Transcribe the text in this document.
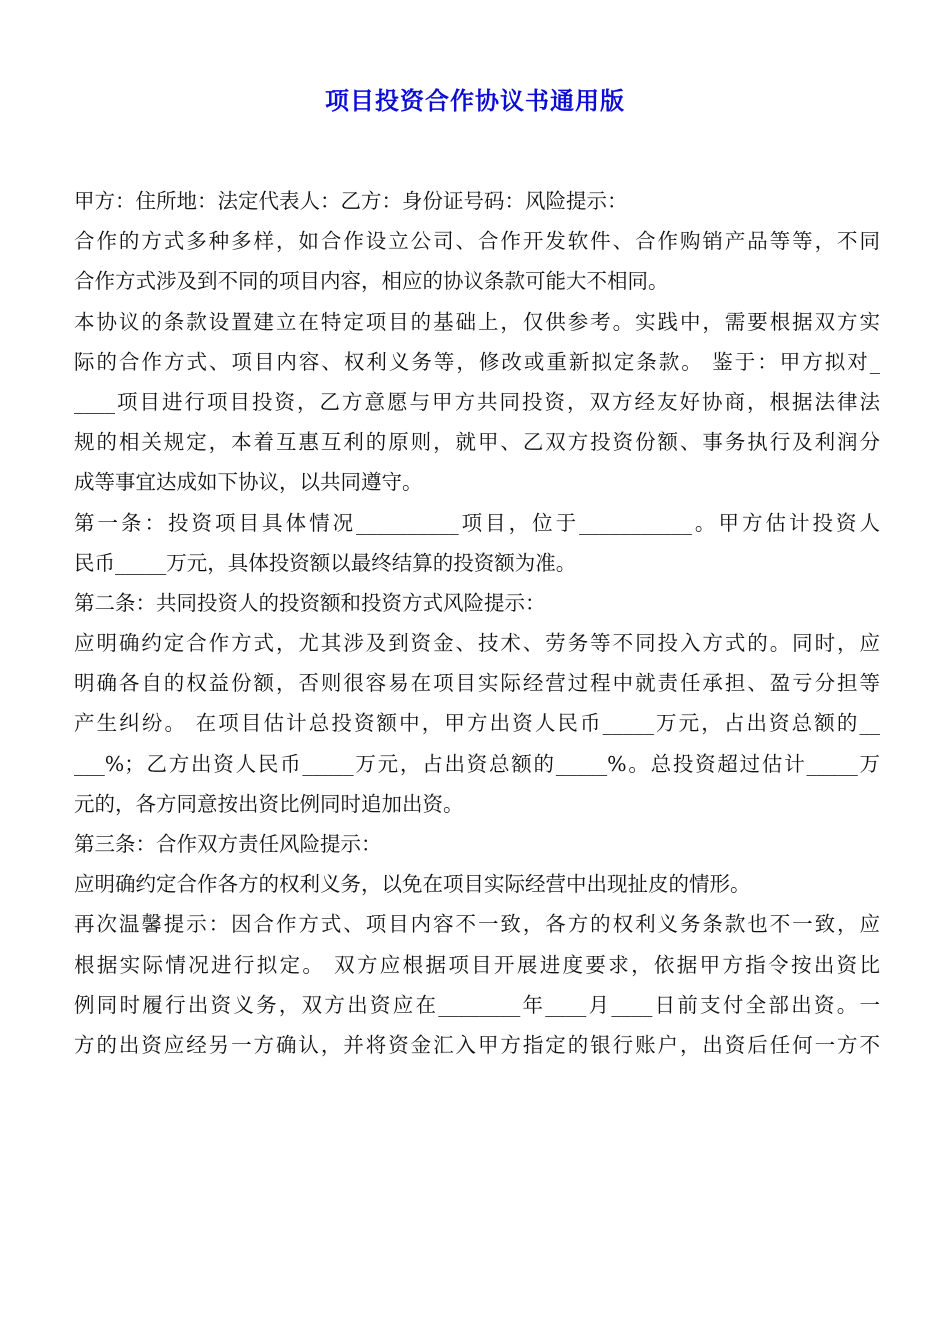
项目投资合作协议书通用版
甲方：住所地：法定代表人：乙方：身份证号码：风险提示：
合作的方式多种多样，如合作设立公司、合作开发软件、合作购销产品等等，不同
合作方式涉及到不同的项目内容，相应的协议条款可能大不相同。
本协议的条款设置建立在特定项目的基础上，仅供参考。实践中，需要根据双方实
际的合作方式、项目内容、权利义务等，修改或重新拟定条款。 鉴于：甲方拟对_
____项目进行项目投资，乙方意愿与甲方共同投资，双方经友好协商，根据法律法
规的相关规定，本着互惠互利的原则，就甲、乙双方投资份额、事务执行及利润分
成等事宜达成如下协议，以共同遵守。
第一条：投资项目具体情况__________项目，位于___________。甲方估计投资人
民币_____万元，具体投资额以最终结算的投资额为准。
第二条：共同投资人的投资额和投资方式风险提示：
应明确约定合作方式，尤其涉及到资金、技术、劳务等不同投入方式的。同时，应
明确各自的权益份额，否则很容易在项目实际经营过程中就责任承担、盈亏分担等
产生纠纷。 在项目估计总投资额中，甲方出资人民币_____万元，占出资总额的__
___%；乙方出资人民币_____万元，占出资总额的_____%。总投资超过估计_____万
元的，各方同意按出资比例同时追加出资。
第三条：合作双方责任风险提示：
应明确约定合作各方的权利义务，以免在项目实际经营中出现扯皮的情形。
再次温馨提示：因合作方式、项目内容不一致，各方的权利义务条款也不一致，应
根据实际情况进行拟定。 双方应根据项目开展进度要求，依据甲方指令按出资比
例同时履行出资义务，双方出资应在________年____月____日前支付全部出资。一
方的出资应经另一方确认，并将资金汇入甲方指定的银行账户，出资后任何一方不
